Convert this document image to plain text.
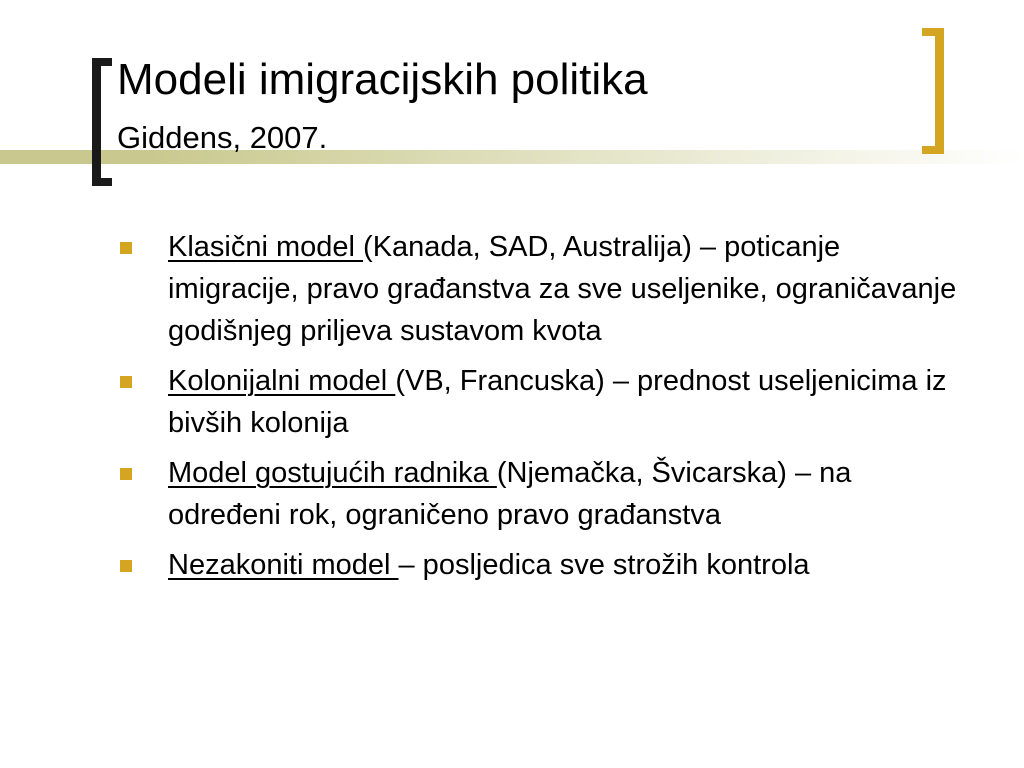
Modeli imigracijskih politika
Giddens, 2007.
Klasični model (Kanada, SAD, Australija) – poticanje imigracije, pravo građanstva za sve useljenike, ograničavanje godišnjeg priljeva sustavom kvota
Kolonijalni model (VB, Francuska) – prednost useljenicima iz bivših kolonija
Model gostujućih radnika (Njemačka, Švicarska) – na određeni rok, ograničeno pravo građanstva
Nezakoniti model – posljedica sve strožih kontrola
